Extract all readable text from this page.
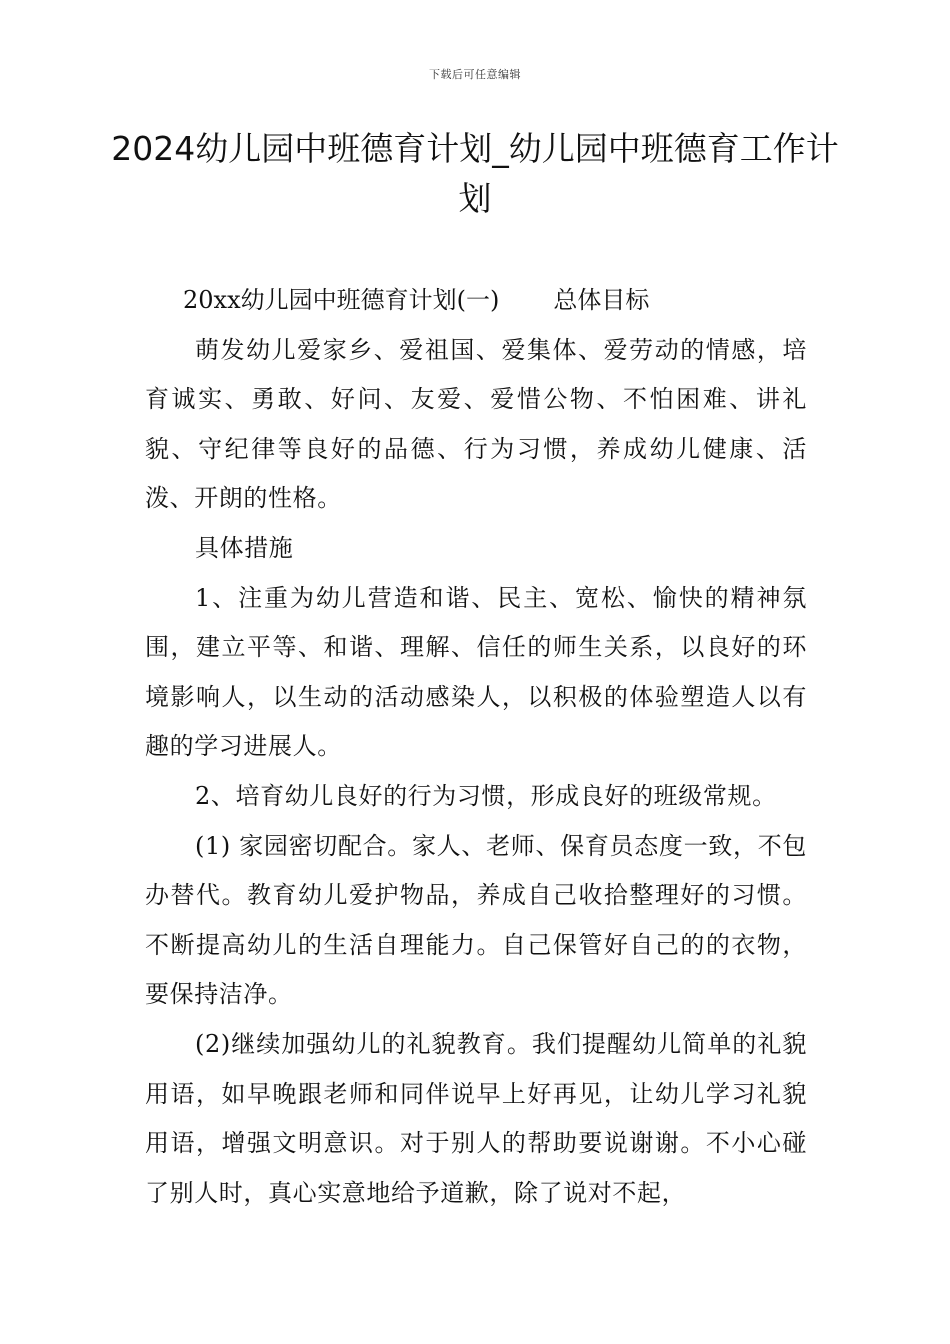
下载后可任意编辑
2024幼儿园中班德育计划_幼儿园中班德育工作计划

20xx幼儿园中班德育计划(一) 总体目标

萌发幼儿爱家乡、爱祖国、爱集体、爱劳动的情感，培育诚实、勇敢、好问、友爱、爱惜公物、不怕困难、讲礼貌、守纪律等良好的品德、行为习惯，养成幼儿健康、活泼、开朗的性格。

具体措施

1、注重为幼儿营造和谐、民主、宽松、愉快的精神氛围，建立平等、和谐、理解、信任的师生关系，以良好的环境影响人，以生动的活动感染人，以积极的体验塑造人以有趣的学习进展人。

2、培育幼儿良好的行为习惯，形成良好的班级常规。

(1) 家园密切配合。家人、老师、保育员态度一致，不包办替代。教育幼儿爱护物品，养成自己收拾整理好的习惯。不断提高幼儿的生活自理能力。自己保管好自己的的衣物，要保持洁净。

(2)继续加强幼儿的礼貌教育。我们提醒幼儿简单的礼貌用语，如早晚跟老师和同伴说早上好再见，让幼儿学习礼貌用语，增强文明意识。对于别人的帮助要说谢谢。不小心碰了别人时，真心实意地给予道歉，除了说对不起，
